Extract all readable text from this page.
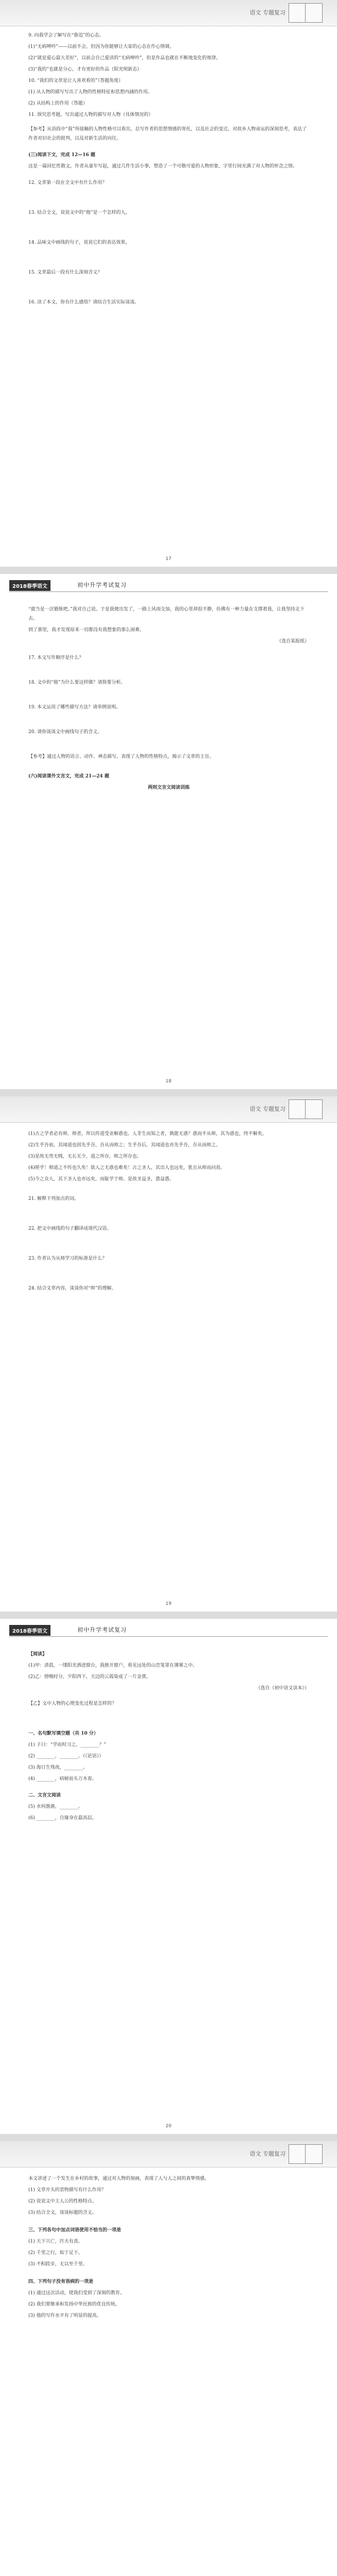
9. 向我学会了解写在“鲁迅”的心态。

(1)“无病呻吟”——以前不会，但因为你能够让大家的心态在作心情调。

(2)“就是爱心最大差好”，以前会自己爱读的“无病呻吟”，但是作品也就在不断地变化的规律。

(3)“我的”也就是分心，才有更好的作品（阳光明新态）

10. “我们的文章是让人喜欢看的”（答题角度）

(1) 从人物的描写写出了人物的性格特征和思想内涵的作用。

(2) 从结构上的作用（答题）

11. 探究思考题，写出通过人物的描写对人物（具体情况的）

【参考】从语段中“我”所接触的人物性格可以看出，总写作者的思想情感的寄托，以及社会的变迁，对故乡人物命运的深刻思考，表达了作者对旧社会的批判，以及对新生活的向往。

(三)阅读下文，完成 12—16 题

这是一篇回忆性散文，作者从童年写起，通过几件生活小事，塑造了一个可敬可爱的人物形象，字里行间充满了对人物的怀念之情。

12. 文章第一段在全文中有什么作用？

13. 结合全文，说说文中的“他”是一个怎样的人。

14. 品味文中画线的句子，说说它们的表达效果。

15. 文章最后一段有什么深刻含义？

16. 读了本文，你有什么感悟？请结合生活实际谈谈。

17
语文 专题复习
2018春季语文	初中升学考试复习

“就当是一次锻炼吧。”我对自己说。于是我便出发了，一路上风雨交加，我的心里却很平静，仿佛有一种力量在支撑着我，让我坚持走下去。

到了那里，我才发现原来一切都没有我想象的那么困难。

（选自某报纸）

17. 本文写作顺序是什么？

18. 文中的“他”为什么要这样做？请简要分析。

19. 本文运用了哪些描写方法？请举例说明。

20. 请你谈谈文中画线句子的含义。

【参考】通过人物的语言、动作、神态描写，表现了人物的性格特点，揭示了文章的主旨。

(六)阅读课外文言文，完成 21—24 题

两则文言文阅读训练

18

(1)古之学者必有师。师者，所以传道受业解惑也。人非生而知之者，孰能无惑？惑而不从师，其为惑也，终不解矣。

(2)生乎吾前，其闻道也固先乎吾，吾从而师之；生乎吾后，其闻道也亦先乎吾，吾从而师之。

(3)是故无贵无贱，无长无少，道之所存，师之所存也。

(4)嗟乎！师道之不传也久矣！欲人之无惑也难矣！古之圣人，其出人也远矣，犹且从师而问焉。

(5)今之众人，其下圣人也亦远矣，而耻学于师。是故圣益圣，愚益愚。

21. 解释下列加点的词。

22. 把文中画线的句子翻译成现代汉语。

23. 作者认为从师学习的标准是什么？

24. 结合文章内容，谈谈你对“师”的理解。

19
语文 专题复习
2018春季语文	初中升学考试复习

【阅读】

(1)甲：清晨，一缕阳光洒进窗台，我推开窗户，看见远处的山峦笼罩在薄雾之中。

(2)乙：傍晚时分，夕阳西下，天边的云霞染成了一片金黄。

（选自《初中语文读本》）

【乙】文中人物的心理变化过程是怎样的？

一、名句默写填空题（共 10 分）

(1) 子曰：“学而时习之，________？”

(2) ________，________。（《论语》）

(3) 海日生残夜，________。

(4) ________，病树前头万木春。

二、文言文阅读

(5) 水何澹澹，________。

(6) ________，自缘身在最高层。

20

本文讲述了一个发生在乡村的故事，通过对人物的刻画，表现了人与人之间的真挚情感。

(1) 文章开头的景物描写有什么作用？

(2) 说说文中主人公的性格特点。

(3) 结合全文，谈谈标题的含义。

三、下列各句中加点词语使用不恰当的一项是

(1) 天下兴亡，匹夫有责。

(2) 千里之行，始于足下。

(3) 不积跬步，无以至千里。

四、下列句子没有语病的一项是

(1) 通过这次活动，使我们受到了深刻的教育。

(2) 我们要继承和发扬中华民族的优良传统。

(3) 他的写作水平有了明显的提高。

语文 专题复习
